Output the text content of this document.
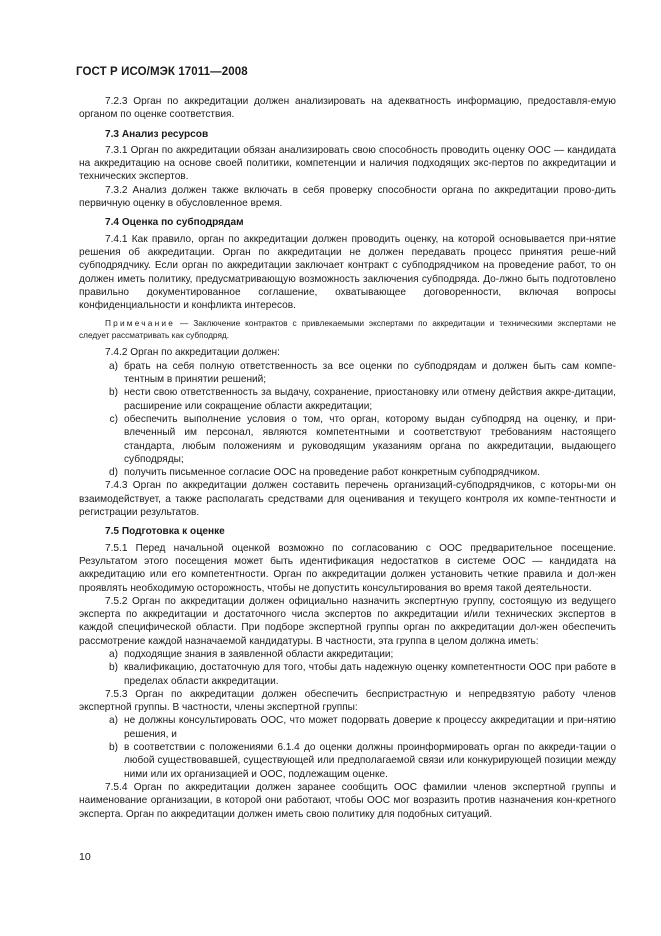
ГОСТ Р ИСО/МЭК 17011—2008

7.2.3 Орган по аккредитации должен анализировать на адекватность информацию, предоставля-емую органом по оценке соответствия.

7.3 Анализ ресурсов

7.3.1 Орган по аккредитации обязан анализировать свою способность проводить оценку ООС — кандидата на аккредитацию на основе своей политики, компетенции и наличия подходящих экс-пертов по аккредитации и технических экспертов.

7.3.2 Анализ должен также включать в себя проверку способности органа по аккредитации прово-дить первичную оценку в обусловленное время.

7.4 Оценка по субподрядам

7.4.1 Как правило, орган по аккредитации должен проводить оценку, на которой основывается при-нятие решения об аккредитации. Орган по аккредитации не должен передавать процесс принятия реше-ний субподрядчику. Если орган по аккредитации заключает контракт с субподрядчиком на проведение работ, то он должен иметь политику, предусматривающую возможность заключения субподряда. До-лжно быть подготовлено правильно документированное соглашение, охватывающее договоренности, включая вопросы конфиденциальности и конфликта интересов.

Примечание — Заключение контрактов с привлекаемыми экспертами по аккредитации и техническими экспертами не следует рассматривать как субподряд.

7.4.2 Орган по аккредитации должен:

a) брать на себя полную ответственность за все оценки по субподрядам и должен быть сам компе-тентным в принятии решений;
b) нести свою ответственность за выдачу, сохранение, приостановку или отмену действия аккре-дитации, расширение или сокращение области аккредитации;
c) обеспечить выполнение условия о том, что орган, которому выдан субподряд на оценку, и при-влеченный им персонал, являются компетентными и соответствуют требованиям настоящего стандарта, любым положениям и руководящим указаниям органа по аккредитации, выдающего субподряды;
d) получить письменное согласие ООС на проведение работ конкретным субподрядчиком.

7.4.3 Орган по аккредитации должен составить перечень организаций-субподрядчиков, с которы-ми он взаимодействует, а также располагать средствами для оценивания и текущего контроля их компе-тентности и регистрации результатов.

7.5 Подготовка к оценке

7.5.1 Перед начальной оценкой возможно по согласованию с ООС предварительное посещение. Результатом этого посещения может быть идентификация недостатков в системе ООС — кандидата на аккредитацию или его компетентности. Орган по аккредитации должен установить четкие правила и дол-жен проявлять необходимую осторожность, чтобы не допустить консультирования во время такой деятельности.

7.5.2 Орган по аккредитации должен официально назначить экспертную группу, состоящую из ведущего эксперта по аккредитации и достаточного числа экспертов по аккредитации и/или технических экспертов в каждой специфической области. При подборе экспертной группы орган по аккредитации дол-жен обеспечить рассмотрение каждой назначаемой кандидатуры. В частности, эта группа в целом должна иметь:

a) подходящие знания в заявленной области аккредитации;
b) квалификацию, достаточную для того, чтобы дать надежную оценку компетентности ООС при работе в пределах области аккредитации.

7.5.3 Орган по аккредитации должен обеспечить беспристрастную и непредвзятую работу членов экспертной группы. В частности, члены экспертной группы:

a) не должны консультировать ООС, что может подорвать доверие к процессу аккредитации и при-нятию решения, и
b) в соответствии с положениями 6.1.4 до оценки должны проинформировать орган по аккреди-тации о любой существовавшей, существующей или предполагаемой связи или конкурирующей позиции между ними или их организацией и ООС, подлежащим оценке.

7.5.4 Орган по аккредитации должен заранее сообщить ООС фамилии членов экспертной группы и наименование организации, в которой они работают, чтобы ООС мог возразить против назначения кон-кретного эксперта. Орган по аккредитации должен иметь свою политику для подобных ситуаций.

10
